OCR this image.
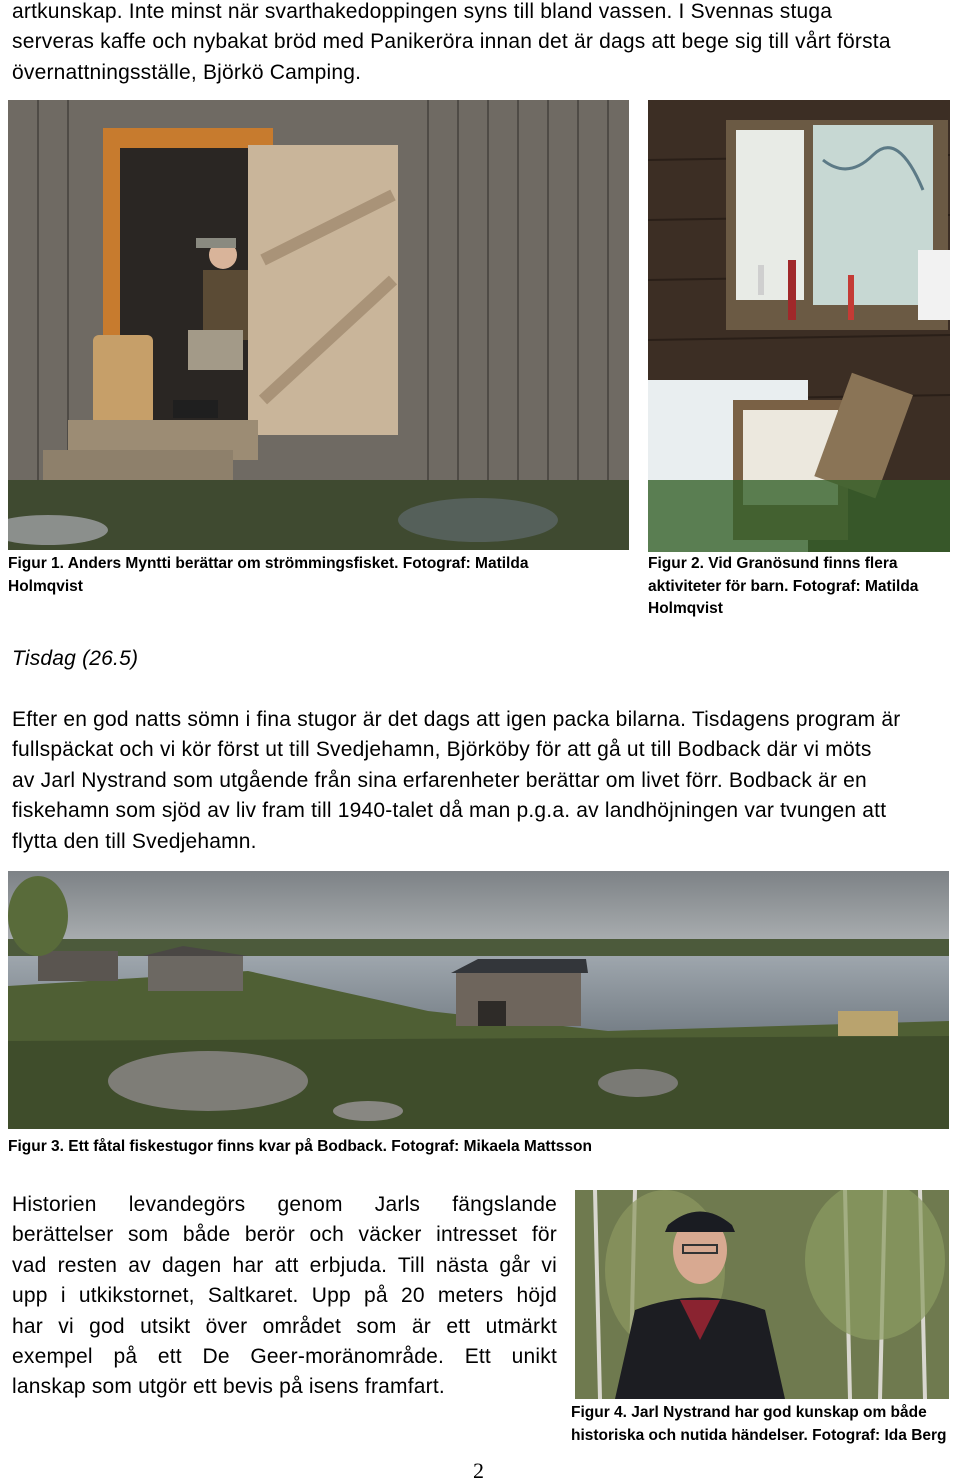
artkunskap. Inte minst när svarthakedoppingen syns till bland vassen. I Svennas stuga
serveras kaffe och nybakat bröd med Panikeröra innan det är dags att bege sig till vårt första
övernattningsställe, Björkö Camping.
Figur 1. Anders Myntti berättar om strömmingsfisket. Fotograf: Matilda
Holmqvist
Figur 2. Vid Granösund finns flera
aktiviteter för barn. Fotograf: Matilda
Holmqvist
Tisdag (26.5)
Efter en god natts sömn i fina stugor är det dags att igen packa bilarna. Tisdagens program är
fullspäckat och vi kör först ut till Svedjehamn, Björköby för att gå ut till Bodback där vi möts
av Jarl Nystrand som utgående från sina erfarenheter berättar om livet förr. Bodback är en
fiskehamn som sjöd av liv fram till 1940-talet då man p.g.a. av landhöjningen var tvungen att
flytta den till Svedjehamn.
Figur 3. Ett fåtal fiskestugor finns kvar på Bodback. Fotograf: Mikaela Mattsson
Historien levandegörs genom Jarls fängslande
berättelser som både berör och väcker intresset för
vad resten av dagen har att erbjuda. Till nästa går vi
upp i utkikstornet, Saltkaret. Upp på 20 meters höjd
har vi god utsikt över området som är ett utmärkt
exempel på ett De Geer-moränområde. Ett unikt
lanskap som utgör ett bevis på isens framfart.
Figur 4. Jarl Nystrand har god kunskap om både
historiska och nutida händelser. Fotograf: Ida Berg
2
